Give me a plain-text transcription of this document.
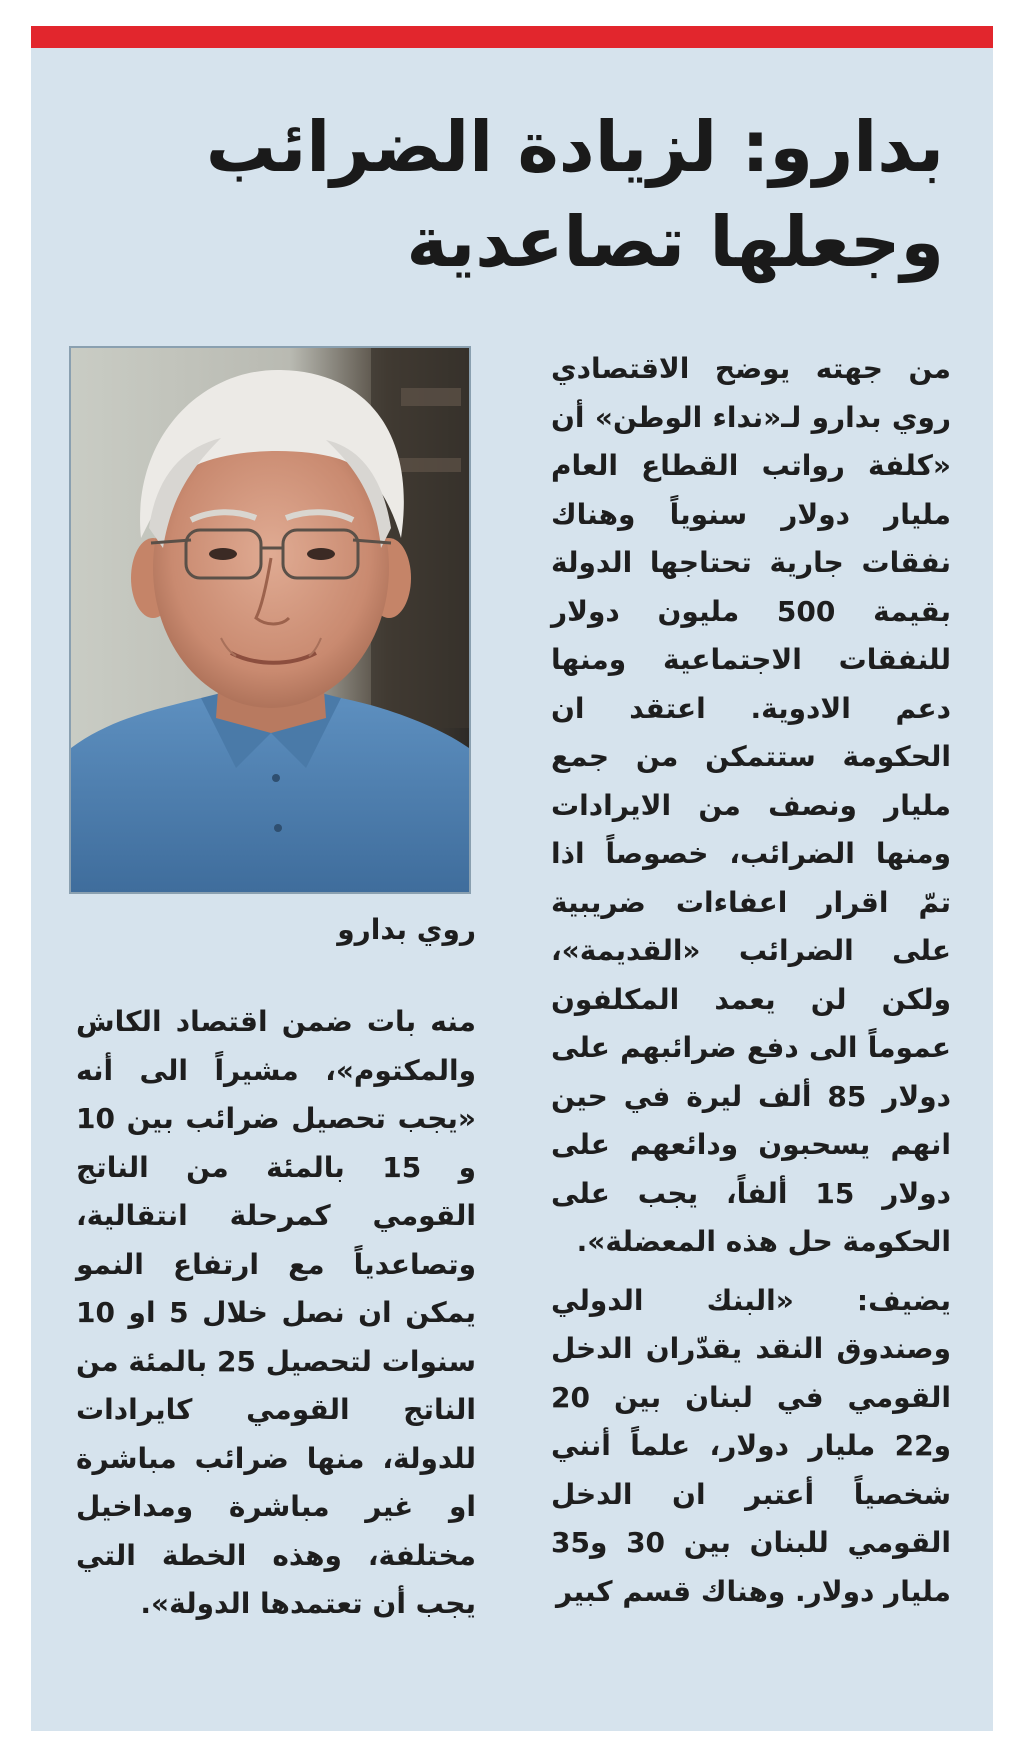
بدارو: لزيادة الضرائب وجعلها تصاعدية

من جهته يوضح الاقتصادي روي بدارو لـ«نداء الوطن» أن «كلفة رواتب القطاع العام مليار دولار سنوياً وهناك نفقات جارية تحتاجها الدولة بقيمة 500 مليون دولار للنفقات الاجتماعية ومنها دعم الادوية. اعتقد ان الحكومة ستتمكن من جمع مليار ونصف من الايرادات ومنها الضرائب، خصوصاً اذا تمّ اقرار اعفاءات ضريبية على الضرائب «القديمة»، ولكن لن يعمد المكلفون عموماً الى دفع ضرائبهم على دولار 85 ألف ليرة في حين انهم يسحبون ودائعهم على دولار 15 ألفاً، يجب على الحكومة حل هذه المعضلة».

يضيف: «البنك الدولي وصندوق النقد يقدّران الدخل القومي في لبنان بين 20 و22 مليار دولار، علماً أنني شخصياً أعتبر ان الدخل القومي للبنان بين 30 و35 مليار دولار. وهناك قسم كبير

روي بدارو

منه بات ضمن اقتصاد الكاش والمكتوم»، مشيراً الى أنه «يجب تحصيل ضرائب بين 10 و 15 بالمئة من الناتج القومي كمرحلة انتقالية، وتصاعدياً مع ارتفاع النمو يمكن ان نصل خلال 5 او 10 سنوات لتحصيل 25 بالمئة من الناتج القومي كايرادات للدولة، منها ضرائب مباشرة او غير مباشرة ومداخيل مختلفة، وهذه الخطة التي يجب أن تعتمدها الدولة».
